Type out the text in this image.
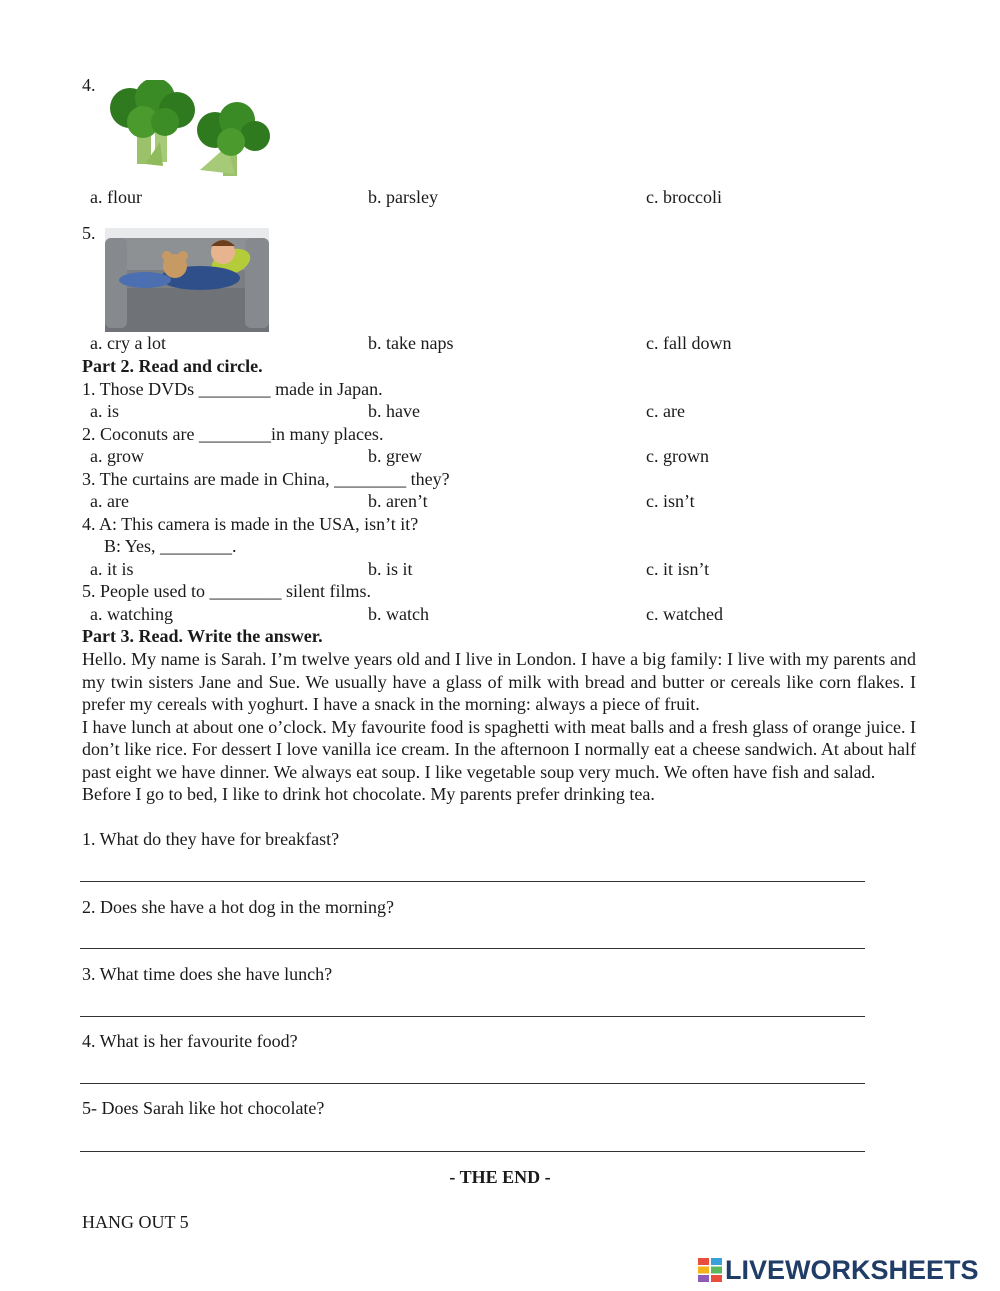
4.
a. flour	b. parsley	c. broccoli
5.
a. cry a lot	b. take naps	c. fall down
Part 2. Read and circle.
1. Those DVDs ________ made in Japan.
a. is	b. have	c. are
2. Coconuts are ________in many places.
a. grow	b. grew	c. grown
3. The curtains are made in China, ________ they?
a. are	b. aren’t	c. isn’t
4. A: This camera is made in the USA, isn’t it?
B: Yes, ________.
a. it is	b. is it	c. it isn’t
5. People used to ________ silent films.
a. watching	b. watch	c. watched
Part 3. Read. Write the answer.

Hello. My name is Sarah. I’m twelve years old and I live in London. I have a big family: I live with my parents and my twin sisters Jane and Sue. We usually have a glass of milk with bread and butter or cereals like corn flakes. I prefer my cereals with yoghurt. I have a snack in the morning: always a piece of fruit.

I have lunch at about one o’clock. My favourite food is spaghetti with meat balls and a fresh glass of orange juice. I don’t like rice. For dessert I love vanilla ice cream. In the afternoon I normally eat a cheese sandwich. At about half past eight we have dinner. We always eat soup. I like vegetable soup very much. We often have fish and salad.

Before I go to bed, I like to drink hot chocolate. My parents prefer drinking tea.

1. What do they have for breakfast?
2. Does she have a hot dog in the morning?
3. What time does she have lunch?
4. What is her favourite food?
5- Does Sarah like hot chocolate?
- THE END -
HANG OUT 5
LIVEWORKSHEETS
